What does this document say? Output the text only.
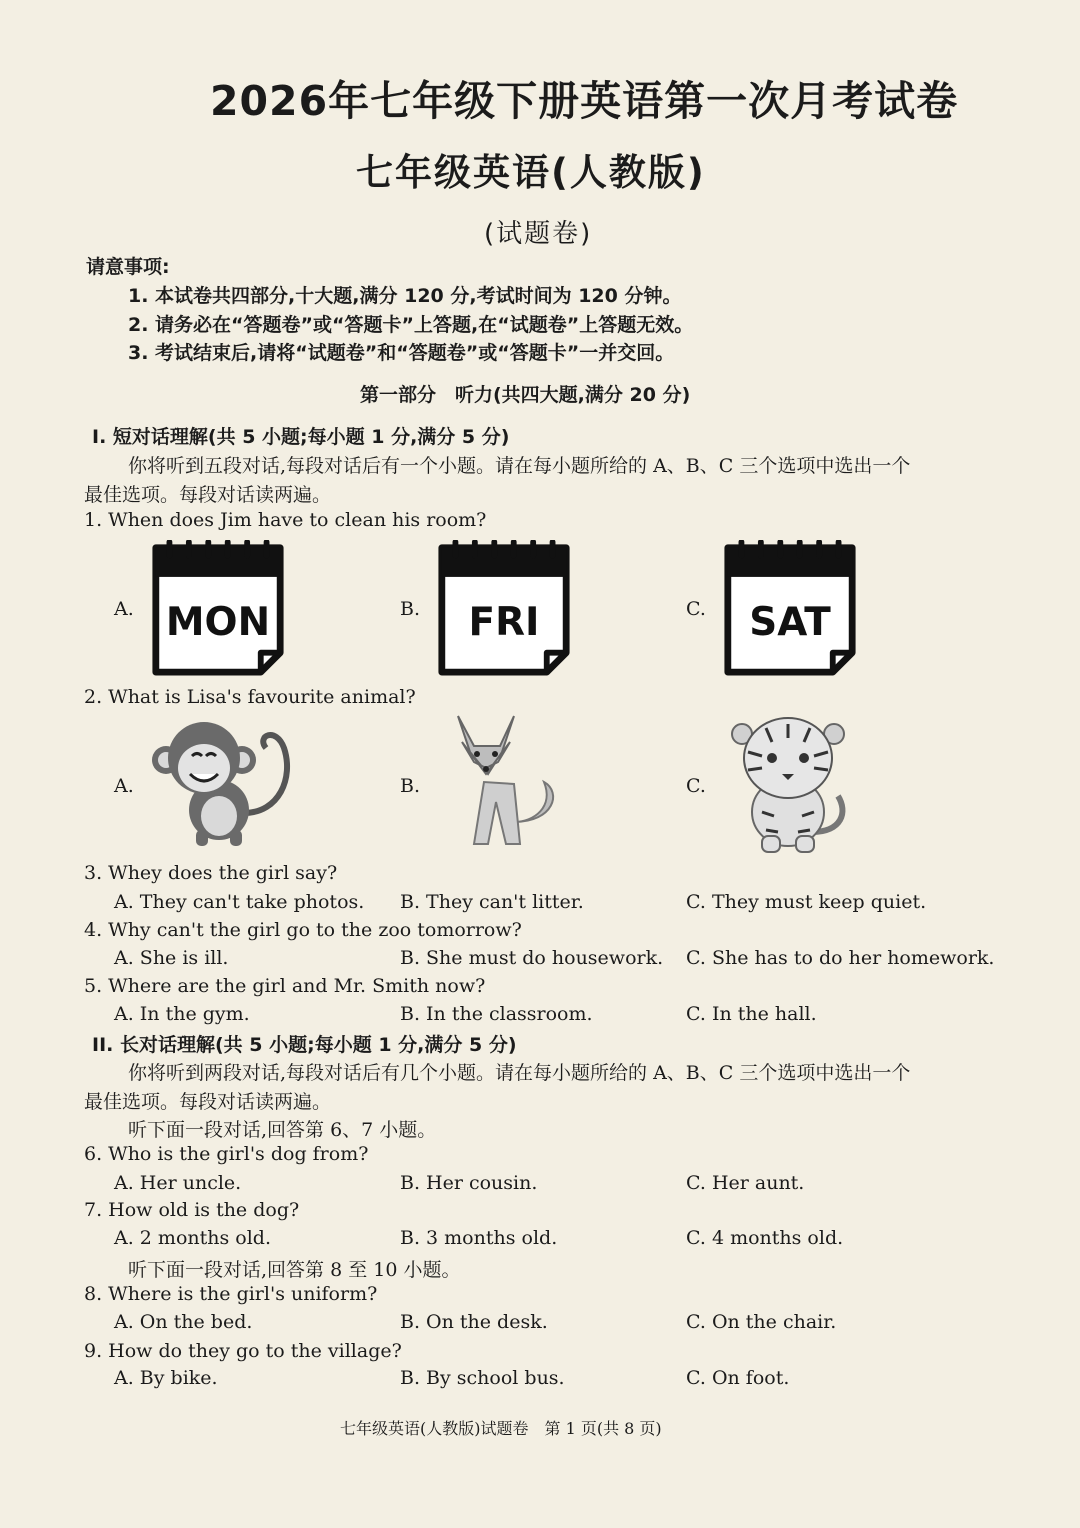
2026年七年级下册英语第一次月考试卷
七年级英语(人教版)
(试题卷)
请意事项:
1. 本试卷共四部分,十大题,满分 120 分,考试时间为 120 分钟。
2. 请务必在“答题卷”或“答题卡”上答题,在“试题卷”上答题无效。
3. 考试结束后,请将“试题卷”和“答题卷”或“答题卡”一并交回。
第一部分　听力(共四大题,满分 20 分)
I. 短对话理解(共 5 小题;每小题 1 分,满分 5 分)
你将听到五段对话,每段对话后有一个小题。请在每小题所给的 A、B、C 三个选项中选出一个
最佳选项。每段对话读两遍。
1. When does Jim have to clean his room?
A.	B.	C.
MON	FRI	SAT
2. What is Lisa's favourite animal?
A.	B.	C.
3. Whey does the girl say?
A. They can't take photos. B. They can't litter.	C. They must keep quiet.
4. Why can't the girl go to the zoo tomorrow?
A. She is ill.	B. She must do housework. C. She has to do her homework.
5. Where are the girl and Mr. Smith now?
A. In the gym.	B. In the classroom.	C. In the hall.
II. 长对话理解(共 5 小题;每小题 1 分,满分 5 分)
你将听到两段对话,每段对话后有几个小题。请在每小题所给的 A、B、C 三个选项中选出一个
最佳选项。每段对话读两遍。
听下面一段对话,回答第 6、7 小题。
6. Who is the girl's dog from?
A. Her uncle.	B. Her cousin.	C. Her aunt.
7. How old is the dog?
A. 2 months old.	B. 3 months old.	C. 4 months old.
听下面一段对话,回答第 8 至 10 小题。
8. Where is the girl's uniform?
A. On the bed.	B. On the desk.	C. On the chair.
9. How do they go to the village?
A. By bike.	B. By school bus.	C. On foot.
七年级英语(人教版)试题卷　第 1 页(共 8 页)
